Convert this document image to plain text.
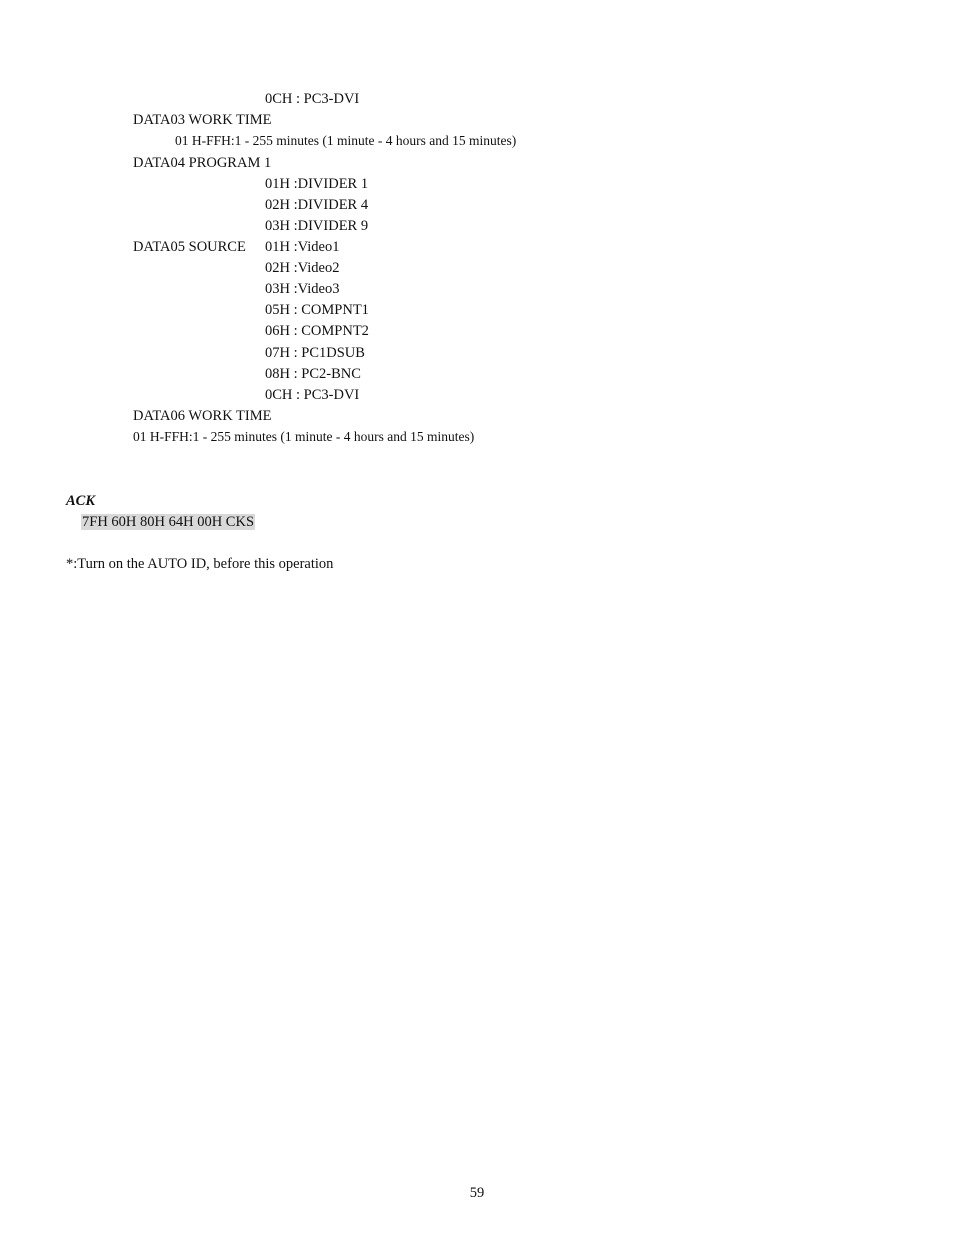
0CH : PC3-DVI
DATA03 WORK TIME
01 H-FFH:1 - 255 minutes (1 minute - 4 hours and 15 minutes)
DATA04 PROGRAM 1
01H :DIVIDER 1
02H :DIVIDER 4
03H :DIVIDER 9
DATA05 SOURCE 01H :Video1
02H :Video2
03H :Video3
05H : COMPNT1
06H : COMPNT2
07H : PC1DSUB
08H : PC2-BNC
0CH : PC3-DVI
DATA06 WORK TIME
01 H-FFH:1 - 255 minutes (1 minute - 4 hours and 15 minutes)
ACK
7FH 60H 80H 64H 00H CKS
*:Turn on the AUTO ID, before this operation
59
